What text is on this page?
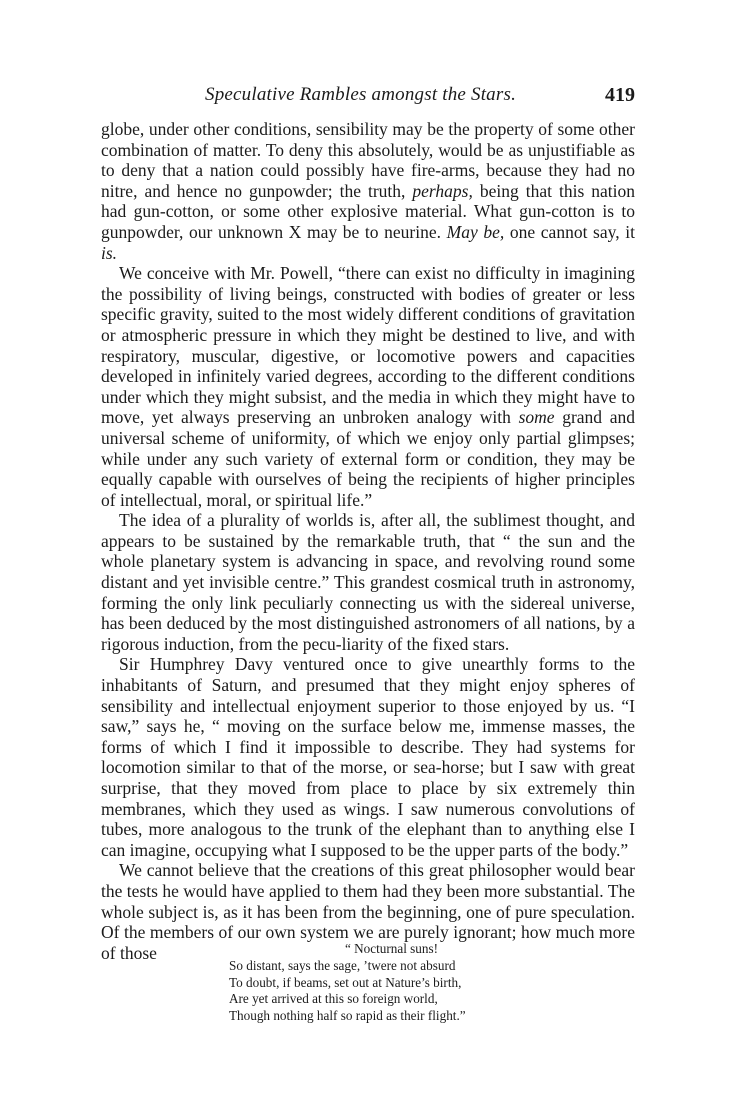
Speculative Rambles amongst the Stars.	419

globe, under other conditions, sensibility may be the property of some other combination of matter. To deny this absolutely, would be as unjustifiable as to deny that a nation could possibly have fire-arms, because they had no nitre, and hence no gunpowder; the truth, perhaps, being that this nation had gun-cotton, or some other explosive material. What gun-cotton is to gunpowder, our unknown X may be to neurine. May be, one cannot say, it is.

We conceive with Mr. Powell, “there can exist no difficulty in imagining the possibility of living beings, constructed with bodies of greater or less specific gravity, suited to the most widely different conditions of gravitation or atmospheric pressure in which they might be destined to live, and with respiratory, muscular, digestive, or locomotive powers and capacities developed in infinitely varied degrees, according to the different conditions under which they might subsist, and the media in which they might have to move, yet always preserving an unbroken analogy with some grand and universal scheme of uniformity, of which we enjoy only partial glimpses; while under any such variety of external form or condition, they may be equally capable with ourselves of being the recipients of higher principles of intellectual, moral, or spiritual life.”

The idea of a plurality of worlds is, after all, the sublimest thought, and appears to be sustained by the remarkable truth, that “ the sun and the whole planetary system is advancing in space, and revolving round some distant and yet invisible centre.” This grandest cosmical truth in astronomy, forming the only link peculiarly connecting us with the sidereal universe, has been deduced by the most distinguished astronomers of all nations, by a rigorous induction, from the pecu-liarity of the fixed stars.

Sir Humphrey Davy ventured once to give unearthly forms to the inhabitants of Saturn, and presumed that they might enjoy spheres of sensibility and intellectual enjoyment superior to those enjoyed by us. “I saw,” says he, “ moving on the surface below me, immense masses, the forms of which I find it impossible to describe. They had systems for locomotion similar to that of the morse, or sea-horse; but I saw with great surprise, that they moved from place to place by six extremely thin membranes, which they used as wings. I saw numerous convolutions of tubes, more analogous to the trunk of the elephant than to anything else I can imagine, occupying what I supposed to be the upper parts of the body.”

We cannot believe that the creations of this great philosopher would bear the tests he would have applied to them had they been more substantial. The whole subject is, as it has been from the beginning, one of pure speculation. Of the members of our own system we are purely ignorant; how much more of those	“ Nocturnal suns!
So distant, says the sage, ’twere not absurd
To doubt, if beams, set out at Nature’s birth,
Are yet arrived at this so foreign world,
Though nothing half so rapid as their flight.”
